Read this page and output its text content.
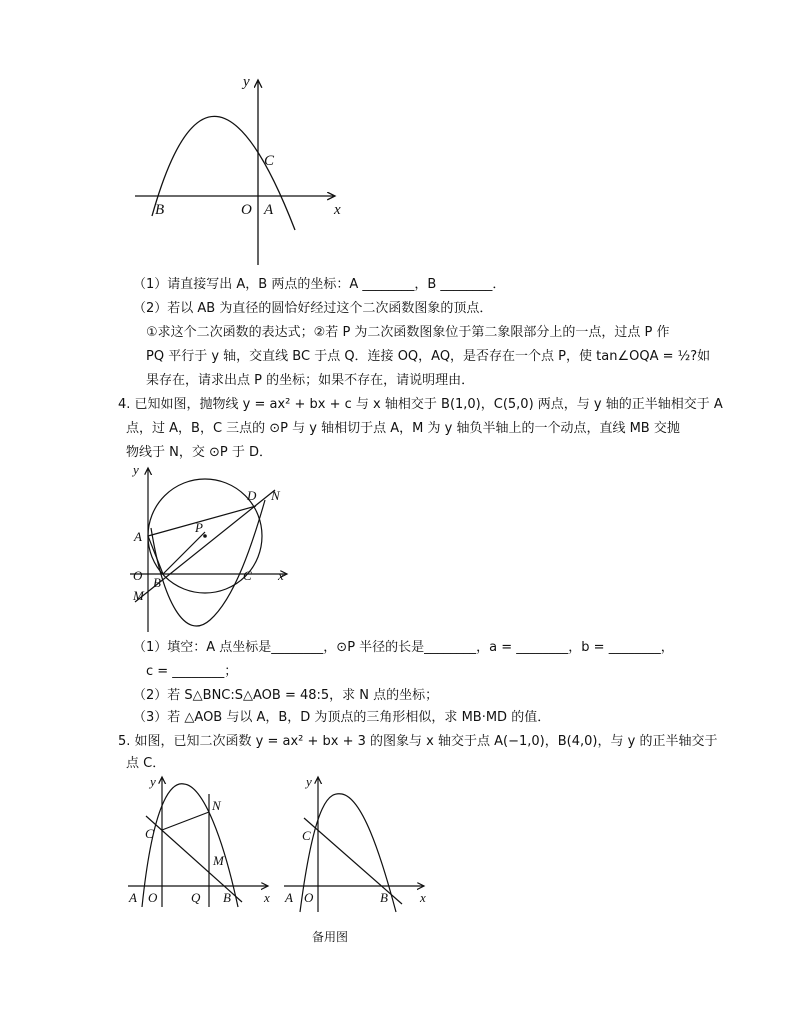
y
C
B	O A	x
（1）请直接写出 A，B 两点的坐标：A ________，B ________．
（2）若以 AB 为直径的圆恰好经过这个二次函数图象的顶点．
①求这个二次函数的表达式；②若 P 为二次函数图象位于第二象限部分上的一点，过点 P 作
PQ 平行于 y 轴，交直线 BC 于点 Q．连接 OQ，AQ，是否存在一个点 P，使 tan∠OQA = ½?如
果存在，请求出点 P 的坐标；如果不存在，请说明理由．
4. 已知如图，抛物线 y = ax² + bx + c 与 x 轴相交于 B(1,0)，C(5,0) 两点，与 y 轴的正半轴相交于 A
点，过 A，B，C 三点的 ⊙P 与 y 轴相切于点 A，M 为 y 轴负半轴上的一个动点，直线 MB 交抛
物线于 N，交 ⊙P 于 D．
y
D N
P
A
O B	C x
M
（1）填空：A 点坐标是________，⊙P 半径的长是________，a = ________，b = ________，
c = ________；
（2）若 S△BNC:S△AOB = 48:5，求 N 点的坐标；
（3）若 △AOB 与以 A，B，D 为顶点的三角形相似，求 MB·MD 的值．
5. 如图，已知二次函数 y = ax² + bx + 3 的图象与 x 轴交于点 A(−1,0)，B(4,0)，与 y 的正半轴交于
点 C．
y
N
C
M
A O	Q B	x
y
C
A O	B x
备用图
